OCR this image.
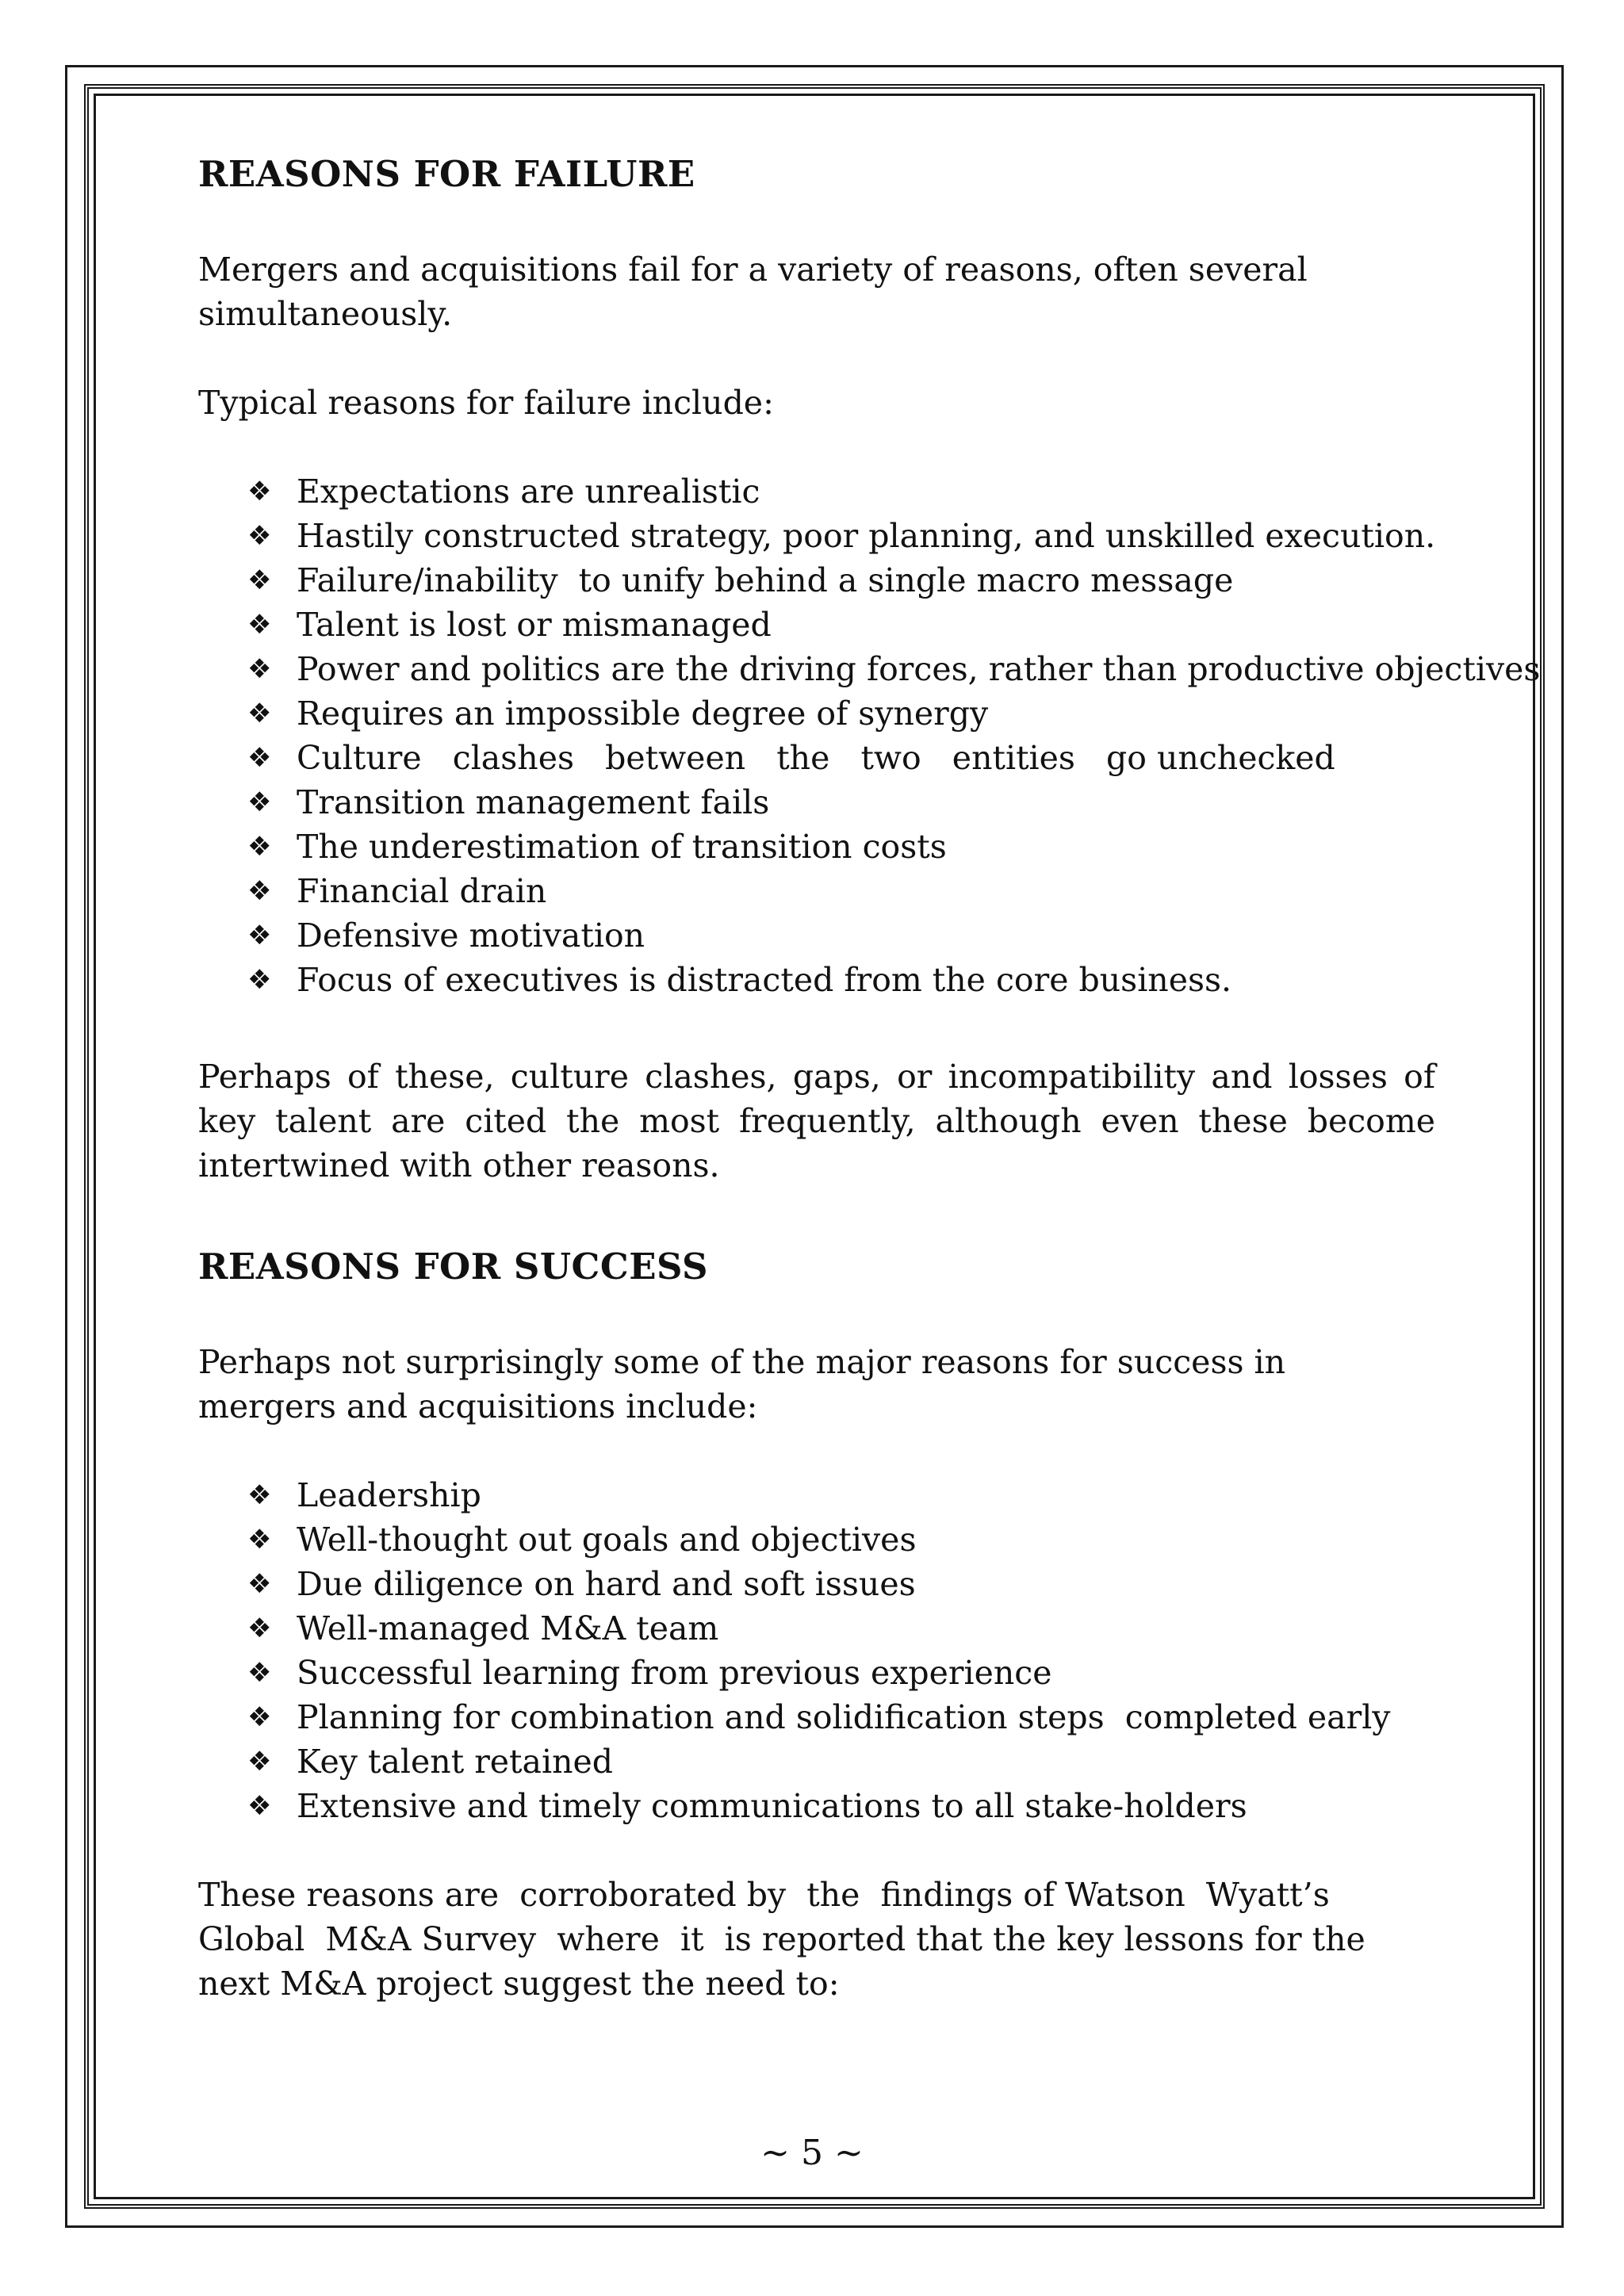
REASONS FOR FAILURE

Mergers and acquisitions fail for a variety of reasons, often several simultaneously.

Typical reasons for failure include:

❖ Expectations are unrealistic
❖ Hastily constructed strategy, poor planning, and unskilled execution.
❖ Failure/inability  to unify behind a single macro message
❖ Talent is lost or mismanaged
❖ Power and politics are the driving forces, rather than productive objectives
❖ Requires an impossible degree of synergy
❖ Culture   clashes   between   the   two   entities   go unchecked
❖ Transition management fails
❖ The underestimation of transition costs
❖ Financial drain
❖ Defensive motivation
❖ Focus of executives is distracted from the core business.

Perhaps of these, culture clashes, gaps, or incompatibility and losses of key talent are cited the most frequently, although even these become intertwined with other reasons.

REASONS FOR SUCCESS

Perhaps not surprisingly some of the major reasons for success in mergers and acquisitions include:

❖ Leadership
❖ Well-thought out goals and objectives
❖ Due diligence on hard and soft issues
❖ Well-managed M&A team
❖ Successful learning from previous experience
❖ Planning for combination and solidification steps  completed early
❖ Key talent retained
❖ Extensive and timely communications to all stake-holders

These reasons are  corroborated by  the  findings of Watson  Wyatt’s  Global  M&A Survey  where  it  is reported that the key lessons for the next M&A project suggest the need to:

~ 5 ~
